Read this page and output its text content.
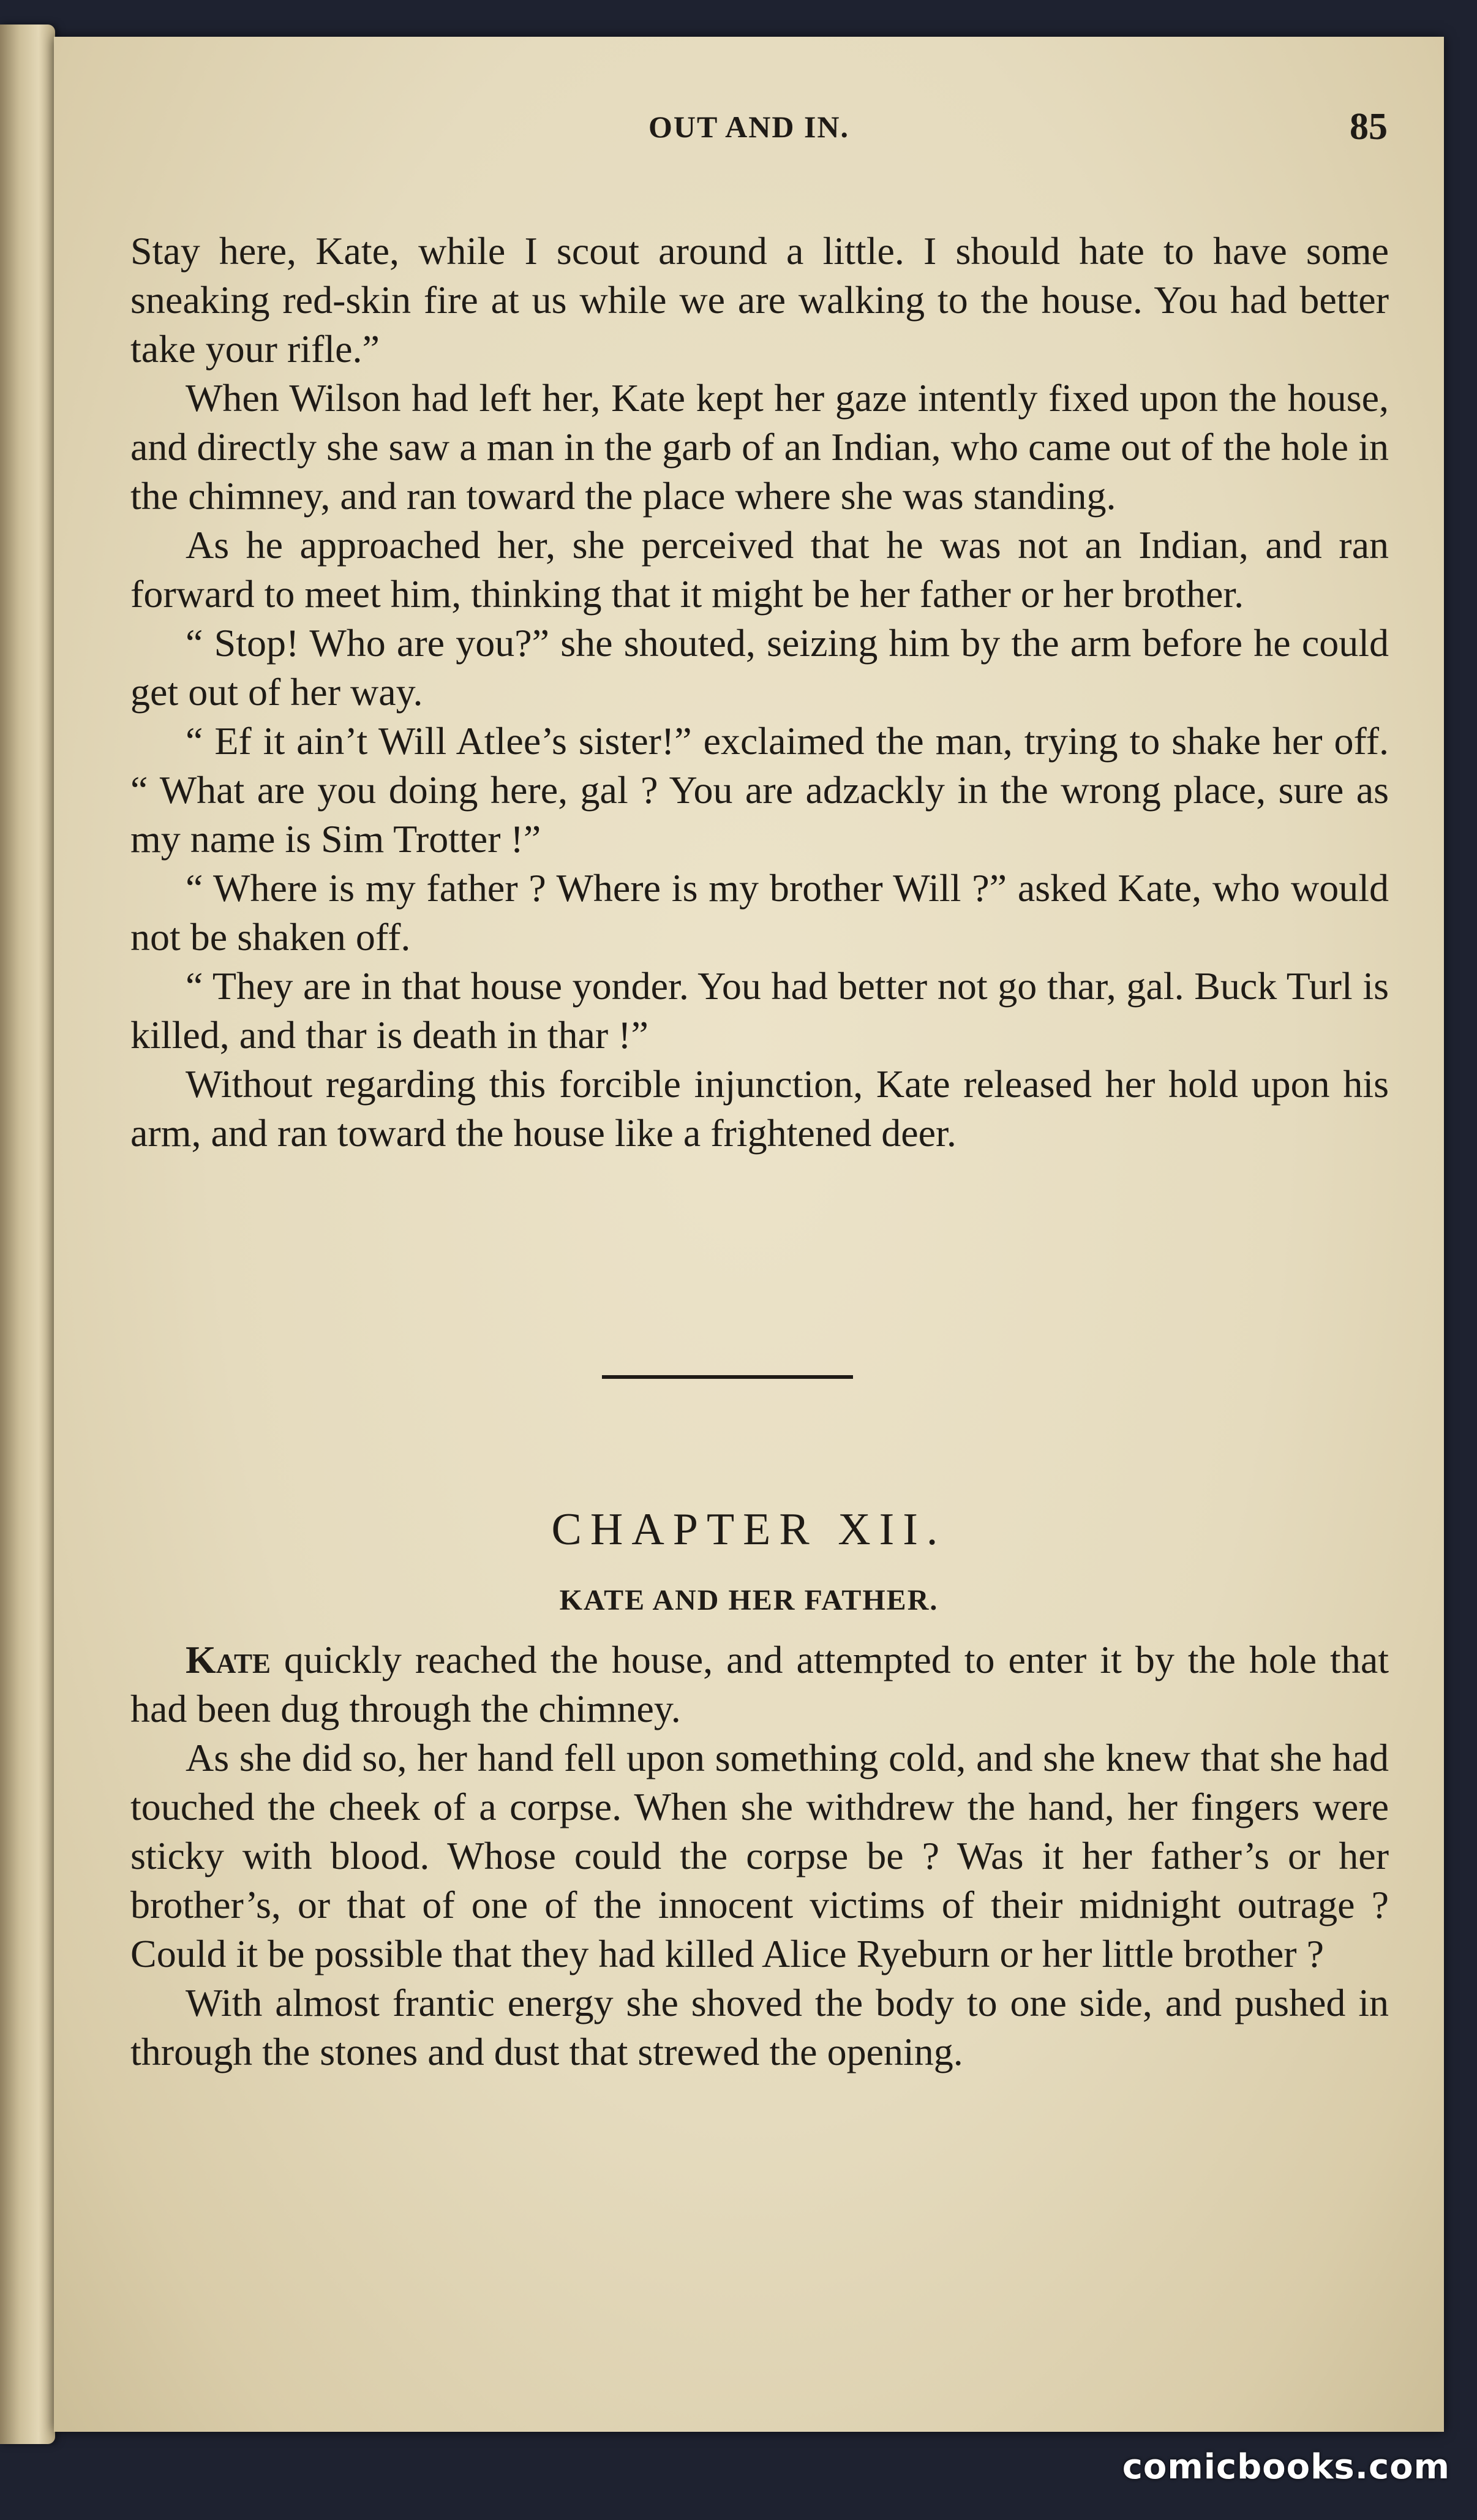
OUT AND IN.	85

Stay here, Kate, while I scout around a little. I should hate to have some sneaking red-skin fire at us while we are walking to the house. You had better take your rifle.”

When Wilson had left her, Kate kept her gaze intently fixed upon the house, and directly she saw a man in the garb of an Indian, who came out of the hole in the chimney, and ran toward the place where she was standing.

As he approached her, she perceived that he was not an Indian, and ran forward to meet him, thinking that it might be her father or her brother.

“ Stop! Who are you?” she shouted, seizing him by the arm before he could get out of her way.

“ Ef it ain’t Will Atlee’s sister!” exclaimed the man, trying to shake her off. “ What are you doing here, gal ? You are adzackly in the wrong place, sure as my name is Sim Trotter !”

“ Where is my father ? Where is my brother Will ?” asked Kate, who would not be shaken off.

“ They are in that house yonder. You had better not go thar, gal. Buck Turl is killed, and thar is death in thar !”

Without regarding this forcible injunction, Kate released her hold upon his arm, and ran toward the house like a frightened deer.

CHAPTER XII.
KATE AND HER FATHER.

Kate quickly reached the house, and attempted to enter it by the hole that had been dug through the chimney.

As she did so, her hand fell upon something cold, and she knew that she had touched the cheek of a corpse. When she withdrew the hand, her fingers were sticky with blood. Whose could the corpse be ? Was it her father’s or her brother’s, or that of one of the innocent victims of their midnight outrage ? Could it be possible that they had killed Alice Ryeburn or her little brother ?

With almost frantic energy she shoved the body to one side, and pushed in through the stones and dust that strewed the opening.

comicbooks.com
